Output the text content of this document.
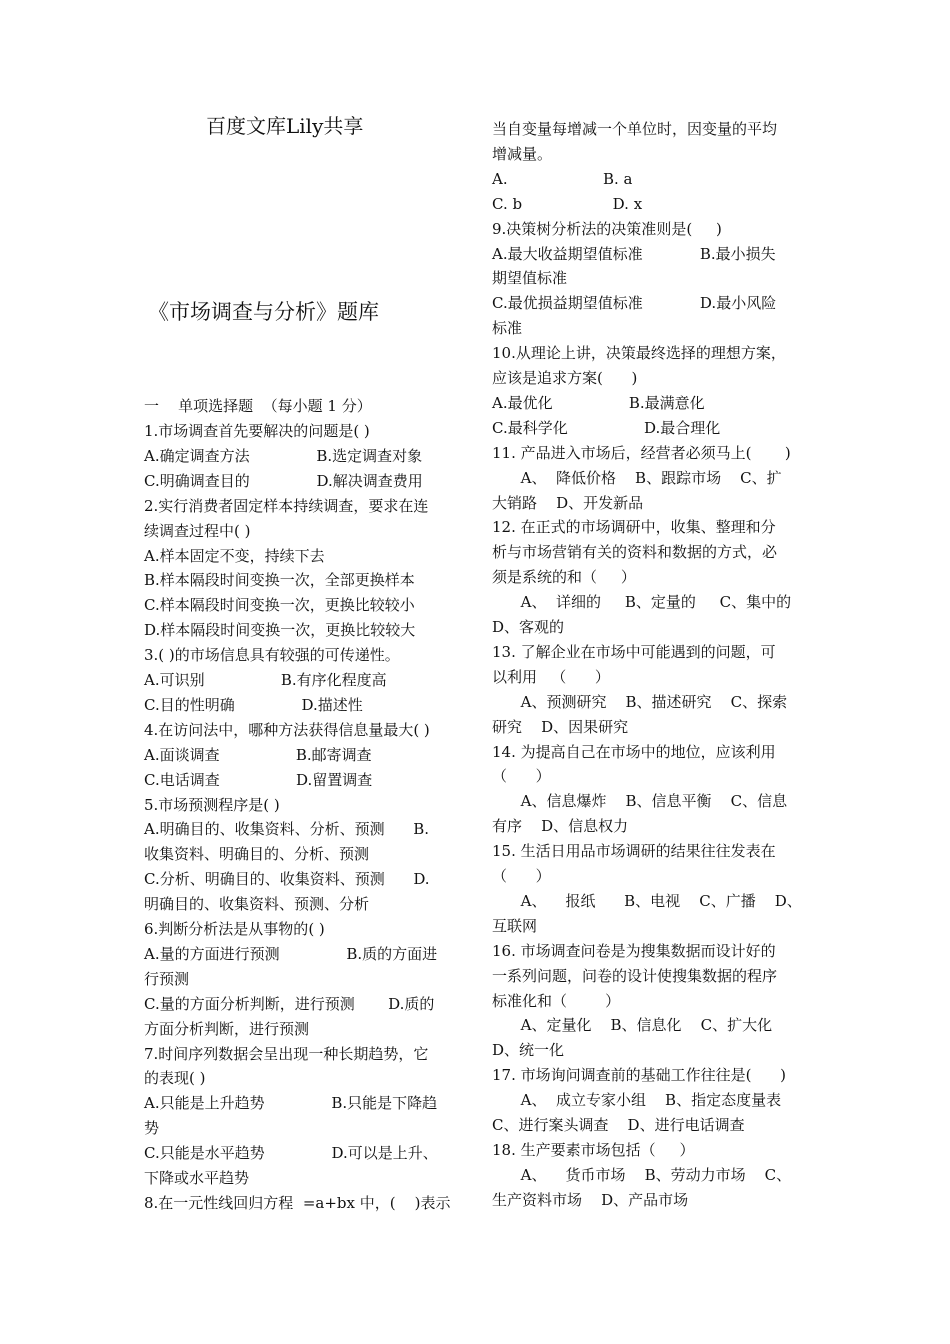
百度文库Lily共享
《市场调查与分析》题库
一    单项选择题  （每小题 1 分）
1.市场调查首先要解决的问题是( )
A.确定调查方法              B.选定调查对象
C.明确调查目的              D.解决调查费用
2.实行消费者固定样本持续调查，要求在连
续调查过程中( )
A.样本固定不变，持续下去
B.样本隔段时间变换一次，全部更换样本
C.样本隔段时间变换一次，更换比较较小
D.样本隔段时间变换一次，更换比较较大
3.( )的市场信息具有较强的可传递性。
A.可识别                B.有序化程度高
C.目的性明确              D.描述性
4.在访问法中，哪种方法获得信息量最大( )
A.面谈调查                B.邮寄调查
C.电话调查                D.留置调查
5.市场预测程序是( )
A.明确目的、收集资料、分析、预测      B.
收集资料、明确目的、分析、预测
C.分析、明确目的、收集资料、预测      D.
明确目的、收集资料、预测、分析
6.判断分析法是从事物的( )
A.量的方面进行预测              B.质的方面进
行预测
C.量的方面分析判断，进行预测       D.质的
方面分析判断，进行预测
7.时间序列数据会呈出现一种长期趋势，它
的表现( )
A.只能是上升趋势              B.只能是下降趋
势
C.只能是水平趋势              D.可以是上升、
下降或水平趋势
8.在一元性线回归方程  =a+bx 中，(    )表示
当自变量每增减一个单位时，因变量的平均
增减量。
A.                    B. a
C. b                   D. x
9.决策树分析法的决策准则是(     )
A.最大收益期望值标准            B.最小损失
期望值标准
C.最优损益期望值标准            D.最小风险
标准
10.从理论上讲，决策最终选择的理想方案，
应该是追求方案(      )
A.最优化                B.最满意化
C.最科学化                D.最合理化
11. 产品进入市场后，经营者必须马上(       )
A、  降低价格    B、跟踪市场    C、扩
大销路    D、开发新品
12. 在正式的市场调研中，收集、整理和分
析与市场营销有关的资料和数据的方式，必
须是系统的和（     ）
A、  详细的     B、定量的     C、集中的
D、客观的
13. 了解企业在市场中可能遇到的问题，可
以利用   （      ）
A、预测研究    B、描述研究    C、探索
研究    D、因果研究
14. 为提高自己在市场中的地位，应该利用
（      ）
A、信息爆炸    B、信息平衡    C、信息
有序    D、信息权力
15. 生活日用品市场调研的结果往往发表在
（      ）
A、    报纸      B、电视    C、广播    D、
互联网
16. 市场调查问卷是为搜集数据而设计好的
一系列问题，问卷的设计使搜集数据的程序
标准化和（        ）
A、定量化    B、信息化    C、扩大化
D、统一化
17. 市场询问调查前的基础工作往往是(      )
A、  成立专家小组    B、指定态度量表
C、进行案头调查    D、进行电话调查
18. 生产要素市场包括（     ）
A、    货币市场    B、劳动力市场    C、
生产资料市场    D、产品市场
